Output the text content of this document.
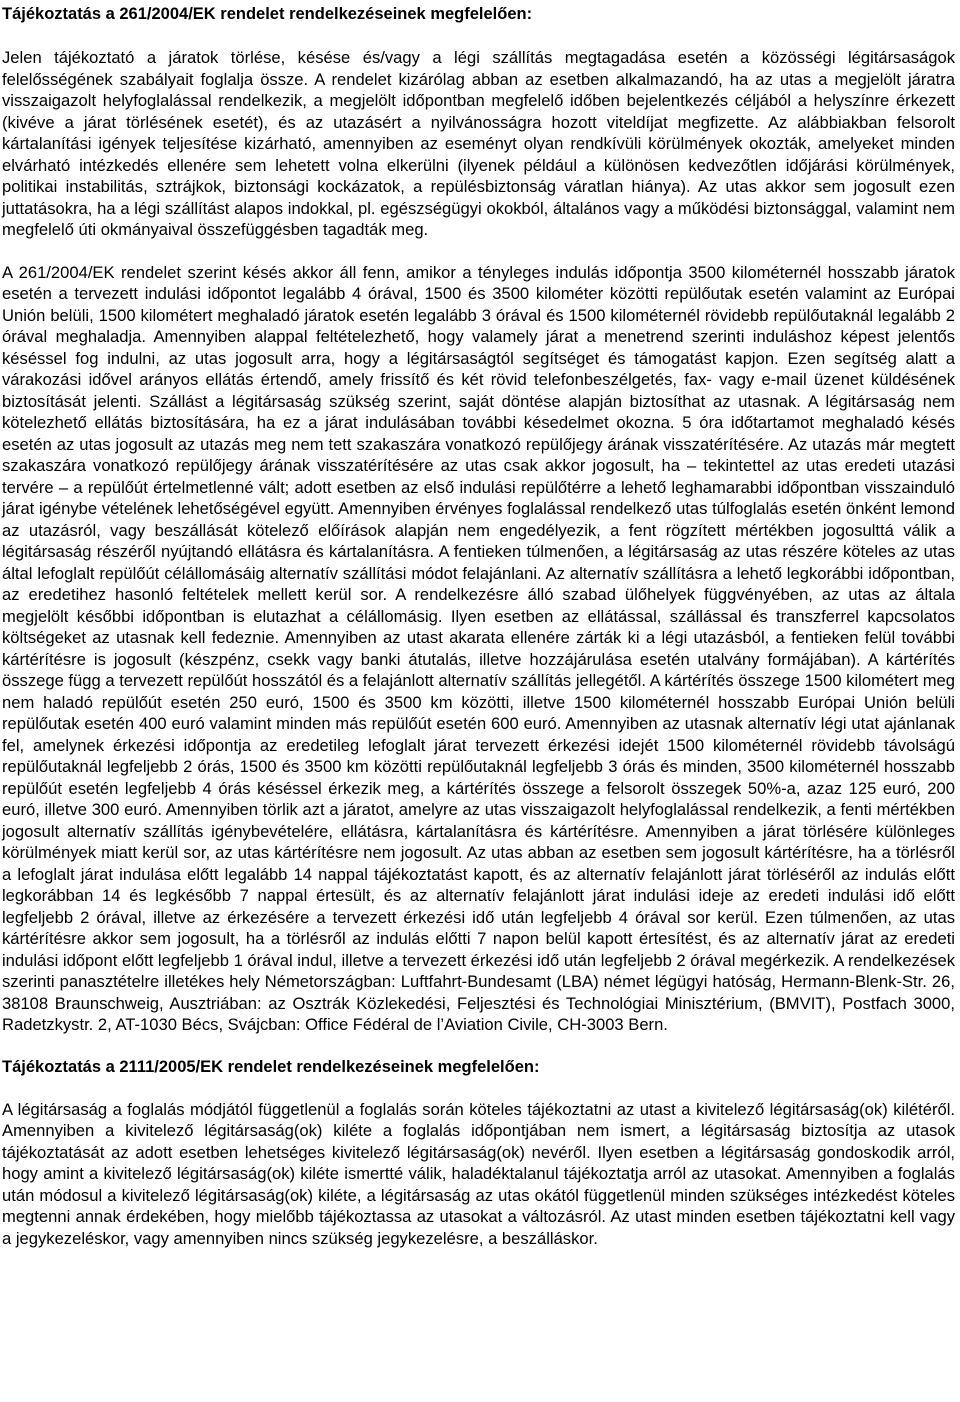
Tájékoztatás a 261/2004/EK rendelet rendelkezéseinek megfelelően:

Jelen tájékoztató a járatok törlése, késése és/vagy a légi szállítás megtagadása esetén a közösségi légitársaságok felelősségének szabályait foglalja össze. A rendelet kizárólag abban az esetben alkalmazandó, ha az utas a megjelölt járatra visszaigazolt helyfoglalással rendelkezik, a megjelölt időpontban megfelelő időben bejelentkezés céljából a helyszínre érkezett (kivéve a járat törlésének esetét), és az utazásért a nyilvánosságra hozott viteldíjat megfizette. Az alábbiakban felsorolt kártalanítási igények teljesítése kizárható, amennyiben az eseményt olyan rendkívüli körülmények okozták, amelyeket minden elvárható intézkedés ellenére sem lehetett volna elkerülni (ilyenek például a különösen kedvezőtlen időjárási körülmények, politikai instabilitás, sztrájkok, biztonsági kockázatok, a repülésbiztonság váratlan hiánya). Az utas akkor sem jogosult ezen juttatásokra, ha a légi szállítást alapos indokkal, pl. egészségügyi okokból, általános vagy a működési biztonsággal, valamint nem megfelelő úti okmányaival összefüggésben tagadták meg.

A 261/2004/EK rendelet szerint késés akkor áll fenn, amikor a tényleges indulás időpontja 3500 kilométernél hosszabb járatok esetén a tervezett indulási időpontot legalább 4 órával, 1500 és 3500 kilométer közötti repülőutak esetén valamint az Európai Unión belüli, 1500 kilométert meghaladó járatok esetén legalább 3 órával és 1500 kilométernél rövidebb repülőutaknál legalább 2 órával meghaladja. Amennyiben alappal feltételezhető, hogy valamely járat a menetrend szerinti induláshoz képest jelentős késéssel fog indulni, az utas jogosult arra, hogy a légitársaságtól segítséget és támogatást kapjon. Ezen segítség alatt a várakozási idővel arányos ellátás értendő, amely frissítő és két rövid telefonbeszélgetés, fax- vagy e-mail üzenet küldésének biztosítását jelenti. Szállást a légitársaság szükség szerint, saját döntése alapján biztosíthat az utasnak. A légitársaság nem kötelezhető ellátás biztosítására, ha ez a járat indulásában további késedelmet okozna. 5 óra időtartamot meghaladó késés esetén az utas jogosult az utazás meg nem tett szakaszára vonatkozó repülőjegy árának visszatérítésére. Az utazás már megtett szakaszára vonatkozó repülőjegy árának visszatérítésére az utas csak akkor jogosult, ha – tekintettel az utas eredeti utazási tervére – a repülőút értelmetlenné vált; adott esetben az első indulási repülőtérre a lehető leghamarabbi időpontban visszainduló járat igénybe vételének lehetőségével együtt. Amennyiben érvényes foglalással rendelkező utas túlfoglalás esetén önként lemond az utazásról, vagy beszállását kötelező előírások alapján nem engedélyezik, a fent rögzített mértékben jogosulttá válik a légitársaság részéről nyújtandó ellátásra és kártalanításra. A fentieken túlmenően, a légitársaság az utas részére köteles az utas által lefoglalt repülőút célállomásáig alternatív szállítási módot felajánlani. Az alternatív szállításra a lehető legkorábbi időpontban, az eredetihez hasonló feltételek mellett kerül sor. A rendelkezésre álló szabad ülőhelyek függvényében, az utas az általa megjelölt későbbi időpontban is elutazhat a célállomásig. Ilyen esetben az ellátással, szállással és transzferrel kapcsolatos költségeket az utasnak kell fedeznie. Amennyiben az utast akarata ellenére zárták ki a légi utazásból, a fentieken felül további kártérítésre is jogosult (készpénz, csekk vagy banki átutalás, illetve hozzájárulása esetén utalvány formájában). A kártérítés összege függ a tervezett repülőút hosszától és a felajánlott alternatív szállítás jellegétől. A kártérítés összege 1500 kilométert meg nem haladó repülőút esetén 250 euró, 1500 és 3500 km közötti, illetve 1500 kilométernél hosszabb Európai Unión belüli repülőutak esetén 400 euró valamint minden más repülőút esetén 600 euró. Amennyiben az utasnak alternatív légi utat ajánlanak fel, amelynek érkezési időpontja az eredetileg lefoglalt járat tervezett érkezési idejét 1500 kilométernél rövidebb távolságú repülőutaknál legfeljebb 2 órás, 1500 és 3500 km közötti repülőutaknál legfeljebb 3 órás és minden, 3500 kilométernél hosszabb repülőút esetén legfeljebb 4 órás késéssel érkezik meg, a kártérítés összege a felsorolt összegek 50%-a, azaz 125 euró, 200 euró, illetve 300 euró. Amennyiben törlik azt a járatot, amelyre az utas visszaigazolt helyfoglalással rendelkezik, a fenti mértékben jogosult alternatív szállítás igénybevételére, ellátásra, kártalanításra és kártérítésre. Amennyiben a járat törlésére különleges körülmények miatt kerül sor, az utas kártérítésre nem jogosult. Az utas abban az esetben sem jogosult kártérítésre, ha a törlésről a lefoglalt járat indulása előtt legalább 14 nappal tájékoztatást kapott, és az alternatív felajánlott járat törléséről az indulás előtt legkorábban 14 és legkésőbb 7 nappal értesült, és az alternatív felajánlott járat indulási ideje az eredeti indulási idő előtt legfeljebb 2 órával, illetve az érkezésére a tervezett érkezési idő után legfeljebb 4 órával sor kerül. Ezen túlmenően, az utas kártérítésre akkor sem jogosult, ha a törlésről az indulás előtti 7 napon belül kapott értesítést, és az alternatív járat az eredeti indulási időpont előtt legfeljebb 1 órával indul, illetve a tervezett érkezési idő után legfeljebb 2 órával megérkezik. A rendelkezések szerinti panasztételre illetékes hely Németországban: Luftfahrt-Bundesamt (LBA) német légügyi hatóság, Hermann-Blenk-Str. 26, 38108 Braunschweig, Ausztriában: az Osztrák Közlekedési, Feljesztési és Technológiai Minisztérium, (BMVIT), Postfach 3000, Radetzkystr. 2, AT-1030 Bécs, Svájcban: Office Fédéral de l’Aviation Civile, CH-3003 Bern.

Tájékoztatás a 2111/2005/EK rendelet rendelkezéseinek megfelelően:

A légitársaság a foglalás módjától függetlenül a foglalás során köteles tájékoztatni az utast a kivitelező légitársaság(ok) kilétéről. Amennyiben a kivitelező légitársaság(ok) kiléte a foglalás időpontjában nem ismert, a légitársaság biztosítja az utasok tájékoztatását az adott esetben lehetséges kivitelező légitársaság(ok) nevéről. Ilyen esetben a légitársaság gondoskodik arról, hogy amint a kivitelező légitársaság(ok) kiléte ismertté válik, haladéktalanul tájékoztatja arról az utasokat. Amennyiben a foglalás után módosul a kivitelező légitársaság(ok) kiléte, a légitársaság az utas okától függetlenül minden szükséges intézkedést köteles megtenni annak érdekében, hogy mielőbb tájékoztassa az utasokat a változásról. Az utast minden esetben tájékoztatni kell vagy a jegykezeléskor, vagy amennyiben nincs szükség jegykezelésre, a beszálláskor.
